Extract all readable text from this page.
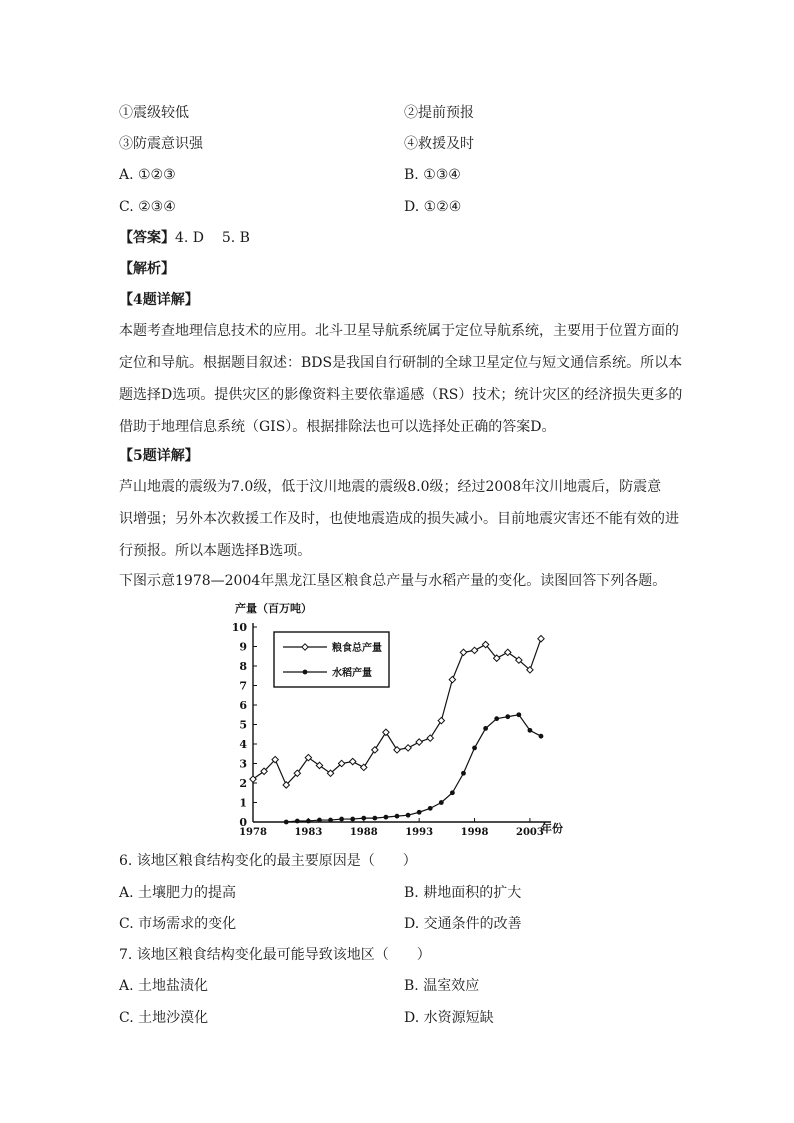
①震级较低	②提前预报
③防震意识强	④救援及时
A. ①②③	B. ①③④
C. ②③④	D. ①②④
【答案】4. D    5. B
【解析】
【4题详解】
本题考查地理信息技术的应用。北斗卫星导航系统属于定位导航系统，主要用于位置方面的
定位和导航。根据题目叙述：BDS是我国自行研制的全球卫星定位与短文通信系统。所以本
题选择D选项。提供灾区的影像资料主要依靠遥感（RS）技术；统计灾区的经济损失更多的
借助于地理信息系统（GIS）。根据排除法也可以选择处正确的答案D。
【5题详解】
芦山地震的震级为7.0级，低于汶川地震的震级8.0级；经过2008年汶川地震后，防震意
识增强；另外本次救援工作及时，也使地震造成的损失减小。目前地震灾害还不能有效的进
行预报。所以本题选择B选项。
下图示意1978—2004年黑龙江垦区粮食总产量与水稻产量的变化。读图回答下列各题。
产量（百万吨）
年份
0
1
2
3
4
5
6
7
8
9
10
1978	1983	1988	1993	1998	2003
粮食总产量
水稻产量
6. 该地区粮食结构变化的最主要原因是（　　）
A. 土壤肥力的提高	B. 耕地面积的扩大
C. 市场需求的变化	D. 交通条件的改善
7. 该地区粮食结构变化最可能导致该地区（　　）
A. 土地盐渍化	B. 温室效应
C. 土地沙漠化	D. 水资源短缺
